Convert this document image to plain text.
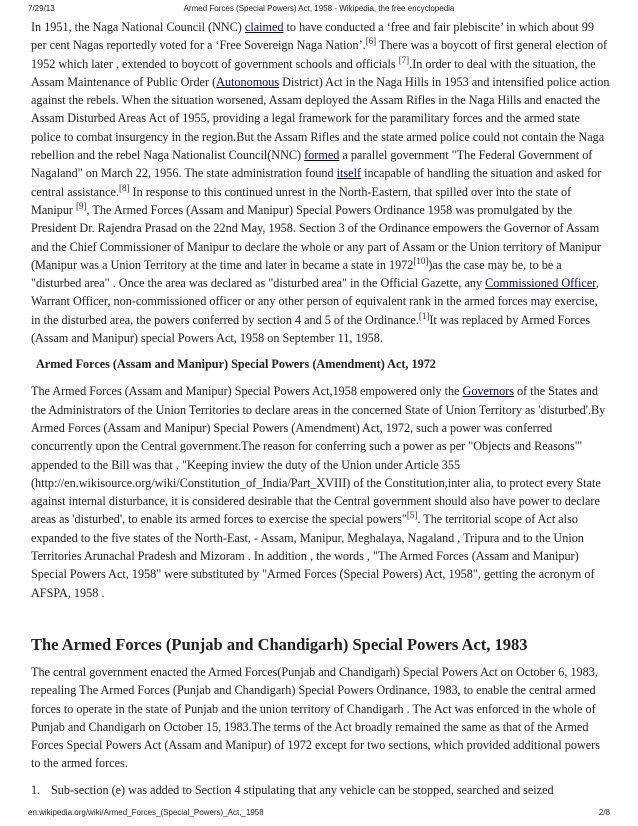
7/29/13	Armed Forces (Special Powers) Act, 1958 - Wikipedia, the free encyclopedia

In 1951, the Naga National Council (NNC) claimed to have conducted a ‘free and fair plebiscite’ in which about 99 per cent Nagas reportedly voted for a ‘Free Sovereign Naga Nation’.[6] There was a boycott of first general election of 1952 which later , extended to boycott of government schools and officials [7].In order to deal with the situation, the Assam Maintenance of Public Order (Autonomous District) Act in the Naga Hills in 1953 and intensified police action against the rebels. When the situation worsened, Assam deployed the Assam Rifles in the Naga Hills and enacted the Assam Disturbed Areas Act of 1955, providing a legal framework for the paramilitary forces and the armed state police to combat insurgency in the region.But the Assam Rifles and the state armed police could not contain the Naga rebellion and the rebel Naga Nationalist Council(NNC) formed a parallel government "The Federal Government of Nagaland" on March 22, 1956. The state administration found itself incapable of handling the situation and asked for central assistance.[8] In response to this continued unrest in the North-Eastern, that spilled over into the state of Manipur [9], The Armed Forces (Assam and Manipur) Special Powers Ordinance 1958 was promulgated by the President Dr. Rajendra Prasad on the 22nd May, 1958. Section 3 of the Ordinance empowers the Governor of Assam and the Chief Commissioner of Manipur to declare the whole or any part of Assam or the Union territory of Manipur (Manipur was a Union Territory at the time and later in became a state in 1972[10])as the case may be, to be a "disturbed area" . Once the area was declared as "disturbed area" in the Official Gazette, any Commissioned Officer, Warrant Officer, non-commissioned officer or any other person of equivalent rank in the armed forces may exercise, in the disturbed area, the powers conferred by section 4 and 5 of the Ordinance.[1]It was replaced by Armed Forces (Assam and Manipur) special Powers Act, 1958 on September 11, 1958.

Armed Forces (Assam and Manipur) Special Powers (Amendment) Act, 1972

The Armed Forces (Assam and Manipur) Special Powers Act,1958 empowered only the Governors of the States and the Administrators of the Union Territories to declare areas in the concerned State of Union Territory as 'disturbed'.By Armed Forces (Assam and Manipur) Special Powers (Amendment) Act, 1972, such a power was conferred concurrently upon the Central government.The reason for conferring such a power as per "Objects and Reasons"' appended to the Bill was that , "Keeping inview the duty of the Union under Article 355 (http://en.wikisource.org/wiki/Constitution_of_India/Part_XVIII) of the Constitution,inter alia, to protect every State against internal disturbance, it is considered desirable that the Central government should also have power to declare areas as 'disturbed', to enable its armed forces to exercise the special powers"[5]. The territorial scope of Act also expanded to the five states of the North-East, - Assam, Manipur, Meghalaya, Nagaland , Tripura and to the Union Territories Arunachal Pradesh and Mizoram . In addition , the words , "The Armed Forces (Assam and Manipur) Special Powers Act, 1958" were substituted by "Armed Forces (Special Powers) Act, 1958", getting the acronym of AFSPA, 1958 .

The Armed Forces (Punjab and Chandigarh) Special Powers Act, 1983

The central government enacted the Armed Forces(Punjab and Chandigarh) Special Powers Act on October 6, 1983, repealing The Armed Forces (Punjab and Chandigarh) Special Powers Ordinance, 1983, to enable the central armed forces to operate in the state of Punjab and the union territory of Chandigarh . The Act was enforced in the whole of Punjab and Chandigarh on October 15, 1983.The terms of the Act broadly remained the same as that of the Armed Forces Special Powers Act (Assam and Manipur) of 1972 except for two sections, which provided additional powers to the armed forces.

1. Sub-section (e) was added to Section 4 stipulating that any vehicle can be stopped, searched and seized
en.wikipedia.org/wiki/Armed_Forces_(Special_Powers)_Act,_1958	2/8
